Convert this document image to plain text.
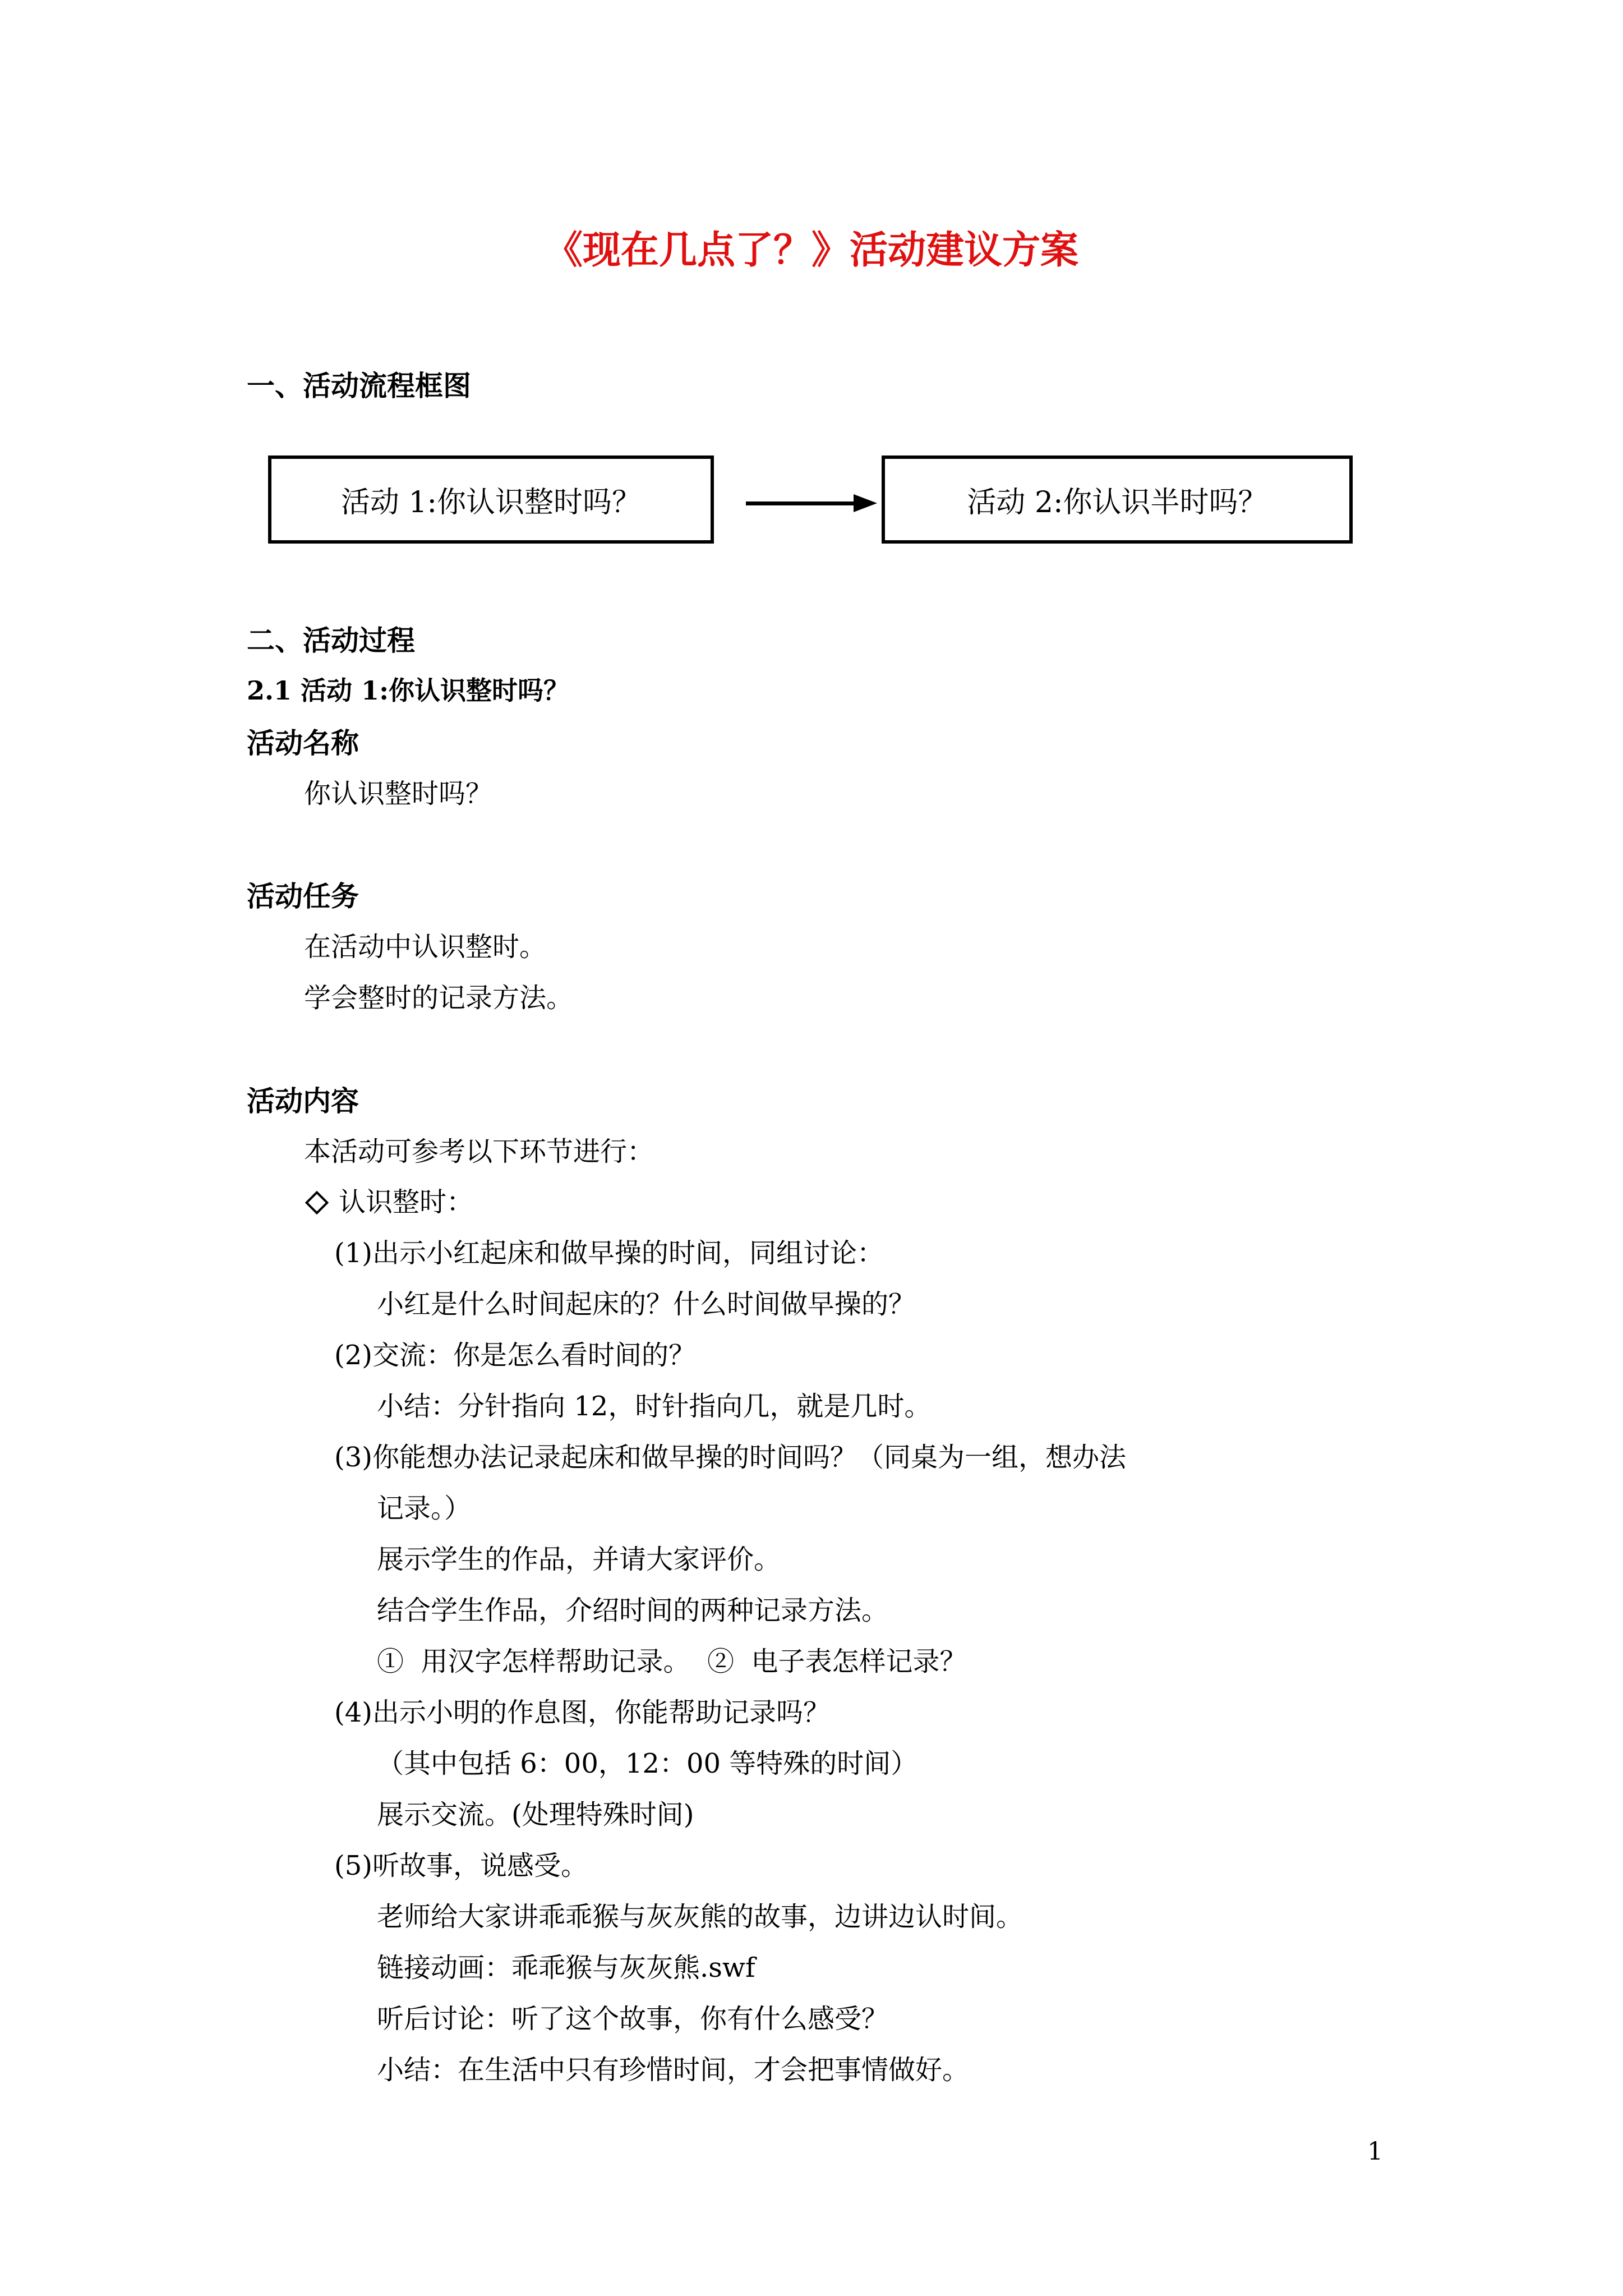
《现在几点了？》活动建议方案
一、活动流程框图
活动 1:你认识整时吗？	活动 2:你认识半时吗？
二、活动过程
2.1 活动 1:你认识整时吗？
活动名称
你认识整时吗？
活动任务
在活动中认识整时。
学会整时的记录方法。
活动内容
本活动可参考以下环节进行：
认识整时：
(1)出示小红起床和做早操的时间，同组讨论：
小红是什么时间起床的？什么时间做早操的？
(2)交流：你是怎么看时间的？
小结：分针指向 12，时针指向几，就是几时。
(3)你能想办法记录起床和做早操的时间吗？（同桌为一组，想办法
记录。）
展示学生的作品，并请大家评价。
结合学生作品，介绍时间的两种记录方法。
①  用汉字怎样帮助记录。  ②  电子表怎样记录？
(4)出示小明的作息图，你能帮助记录吗？
（其中包括 6：00，12：00 等特殊的时间）
展示交流。(处理特殊时间)
(5)听故事，说感受。
老师给大家讲乖乖猴与灰灰熊的故事，边讲边认时间。
链接动画：乖乖猴与灰灰熊.swf
听后讨论：听了这个故事，你有什么感受？
小结：在生活中只有珍惜时间，才会把事情做好。
1
